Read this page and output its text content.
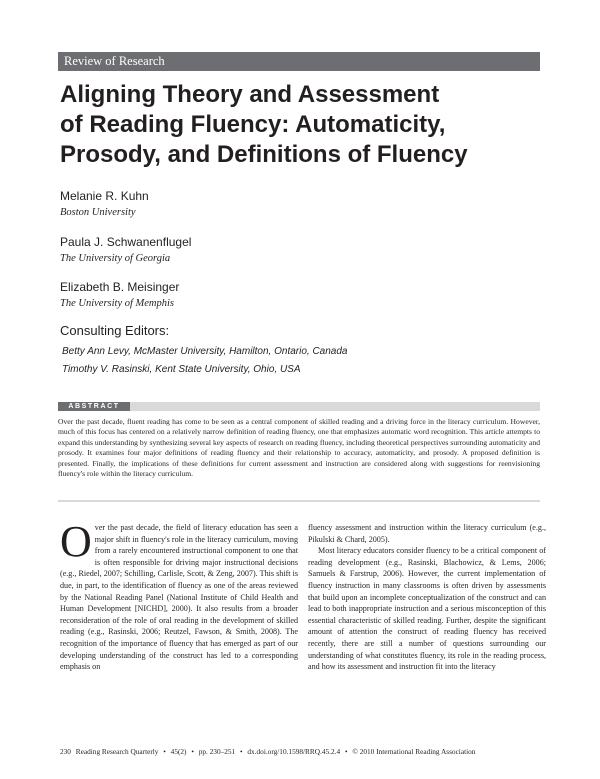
Review of Research
Aligning Theory and Assessment
of Reading Fluency: Automaticity,
Prosody, and Definitions of Fluency
Melanie R. Kuhn
Boston University
Paula J. Schwanenflugel
The University of Georgia
Elizabeth B. Meisinger
The University of Memphis
Consulting Editors:
Betty Ann Levy, McMaster University, Hamilton, Ontario, Canada
Timothy V. Rasinski, Kent State University, Ohio, USA
ABSTRACT

Over the past decade, fluent reading has come to be seen as a central component of skilled reading and a driving force in the literacy curriculum. However, much of this focus has centered on a relatively narrow definition of reading fluency, one that emphasizes automatic word recognition. This article attempts to expand this understanding by synthesizing several key aspects of research on reading fluency, including theoretical perspectives surrounding automaticity and prosody. It examines four major definitions of reading fluency and their relationship to accuracy, automaticity, and prosody. A proposed definition is presented. Finally, the implications of these definitions for current assessment and instruction are considered along with suggestions for reenvisioning fluency's role within the literacy curriculum.

O ver the past decade, the field of literacy education has seen a major shift in fluency's role in the literacy curriculum, moving from a rarely encountered instructional component to one that is often responsible for driving major instructional decisions (e.g., Riedel, 2007; Schilling, Carlisle, Scott, & Zeng, 2007). This shift is due, in part, to the identification of fluency as one of the areas reviewed by the National Reading Panel (National Institute of Child Health and Human Development [NICHD], 2000). It also results from a broader reconsideration of the role of oral reading in the development of skilled reading (e.g., Rasinski, 2006; Reutzel, Fawson, & Smith, 2008). The recognition of the importance of fluency that has emerged as part of our developing understanding of the construct has led to a corresponding emphasis on

fluency assessment and instruction within the literacy curriculum (e.g., Pikulski & Chard, 2005).

Most literacy educators consider fluency to be a critical component of reading development (e.g., Rasinski, Blachowicz, & Lems, 2006; Samuels & Farstrup, 2006). However, the current implementation of fluency instruction in many classrooms is often driven by assessments that build upon an incomplete conceptualization of the construct and can lead to both inappropriate instruction and a serious misconception of this essential characteristic of skilled reading. Further, despite the significant amount of attention the construct of reading fluency has received recently, there are still a number of questions surrounding our understanding of what constitutes fluency, its role in the reading process, and how its assessment and instruction fit into the literacy

230 Reading Research Quarterly • 45(2) • pp. 230–251 • dx.doi.org/10.1598/RRQ.45.2.4 • © 2010 International Reading Association
